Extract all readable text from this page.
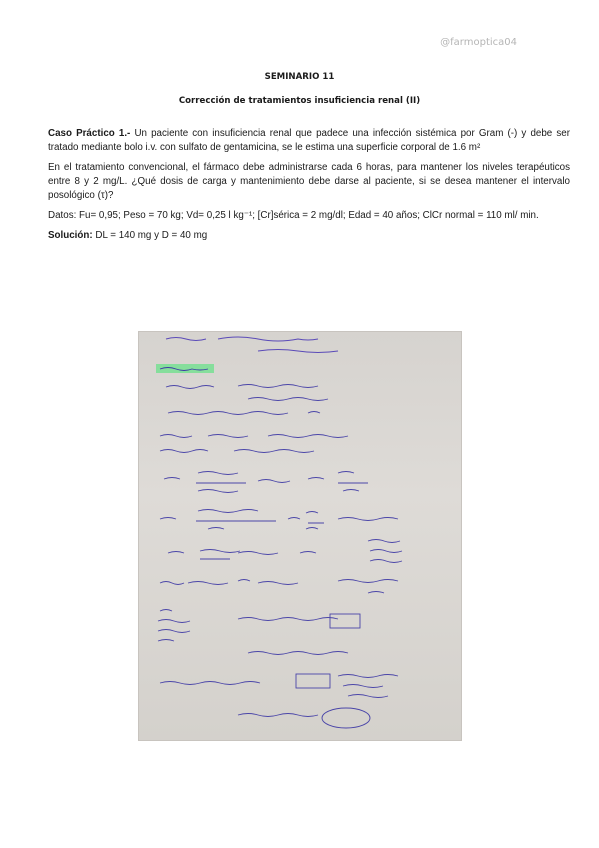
@farmoptica04
SEMINARIO 11
Corrección de tratamientos insuficiencia renal (II)

Caso Práctico 1.- Un paciente con insuficiencia renal que padece una infección sistémica por Gram (-) y debe ser tratado mediante bolo i.v. con sulfato de gentamicina, se le estima una superficie corporal de 1.6 m²

En el tratamiento convencional, el fármaco debe administrarse cada 6 horas, para mantener los niveles terapéuticos entre 8 y 2 mg/L. ¿Qué dosis de carga y mantenimiento debe darse al paciente, si se desea mantener el intervalo posológico (τ)?

Datos: Fu= 0,95; Peso = 70 kg; Vd= 0,25 l kg⁻¹; [Cr]sérica = 2 mg/dl; Edad = 40 años; ClCr normal = 110 ml/ min.

Solución: DL = 140 mg y D = 40 mg
